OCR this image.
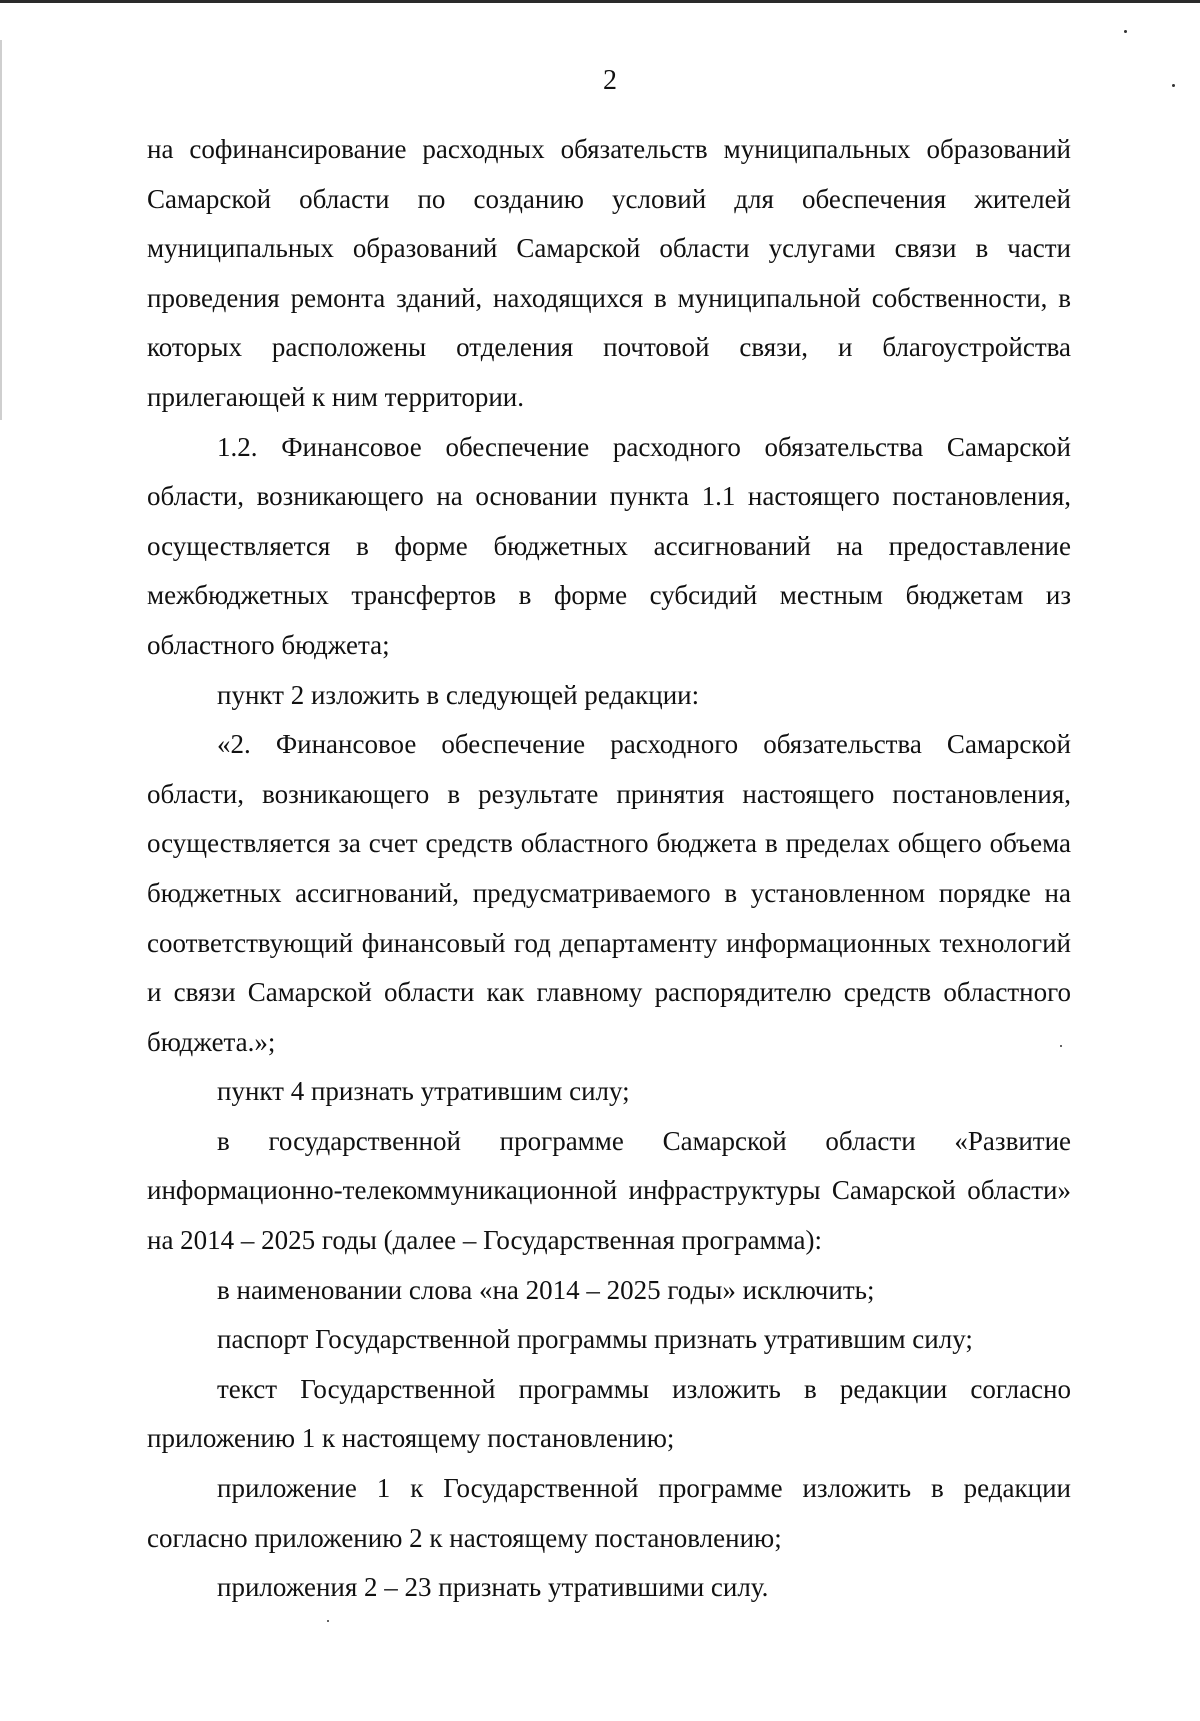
2

на софинансирование расходных обязательств муниципальных образований Самарской области по созданию условий для обеспечения жителей муниципальных образований Самарской области услугами связи в части проведения ремонта зданий, находящихся в муниципальной собственности, в которых расположены отделения почтовой связи, и благоустройства прилегающей к ним территории.

1.2. Финансовое обеспечение расходного обязательства Самарской области, возникающего на основании пункта 1.1 настоящего постановления, осуществляется в форме бюджетных ассигнований на предоставление межбюджетных трансфертов в форме субсидий местным бюджетам из областного бюджета;

пункт 2 изложить в следующей редакции:

«2. Финансовое обеспечение расходного обязательства Самарской области, возникающего в результате принятия настоящего постановления, осуществляется за счет средств областного бюджета в пределах общего объема бюджетных ассигнований, предусматриваемого в установленном порядке на соответствующий финансовый год департаменту информационных технологий и связи Самарской области как главному распорядителю средств областного бюджета.»;

пункт 4 признать утратившим силу;

в государственной программе Самарской области «Развитие информационно-телекоммуникационной инфраструктуры Самарской области» на 2014 – 2025 годы (далее – Государственная программа):

в наименовании слова «на 2014 – 2025 годы» исключить;

паспорт Государственной программы признать утратившим силу;

текст Государственной программы изложить в редакции согласно приложению 1 к настоящему постановлению;

приложение 1 к Государственной программе изложить в редакции согласно приложению 2 к настоящему постановлению;

приложения 2 – 23 признать утратившими силу.
